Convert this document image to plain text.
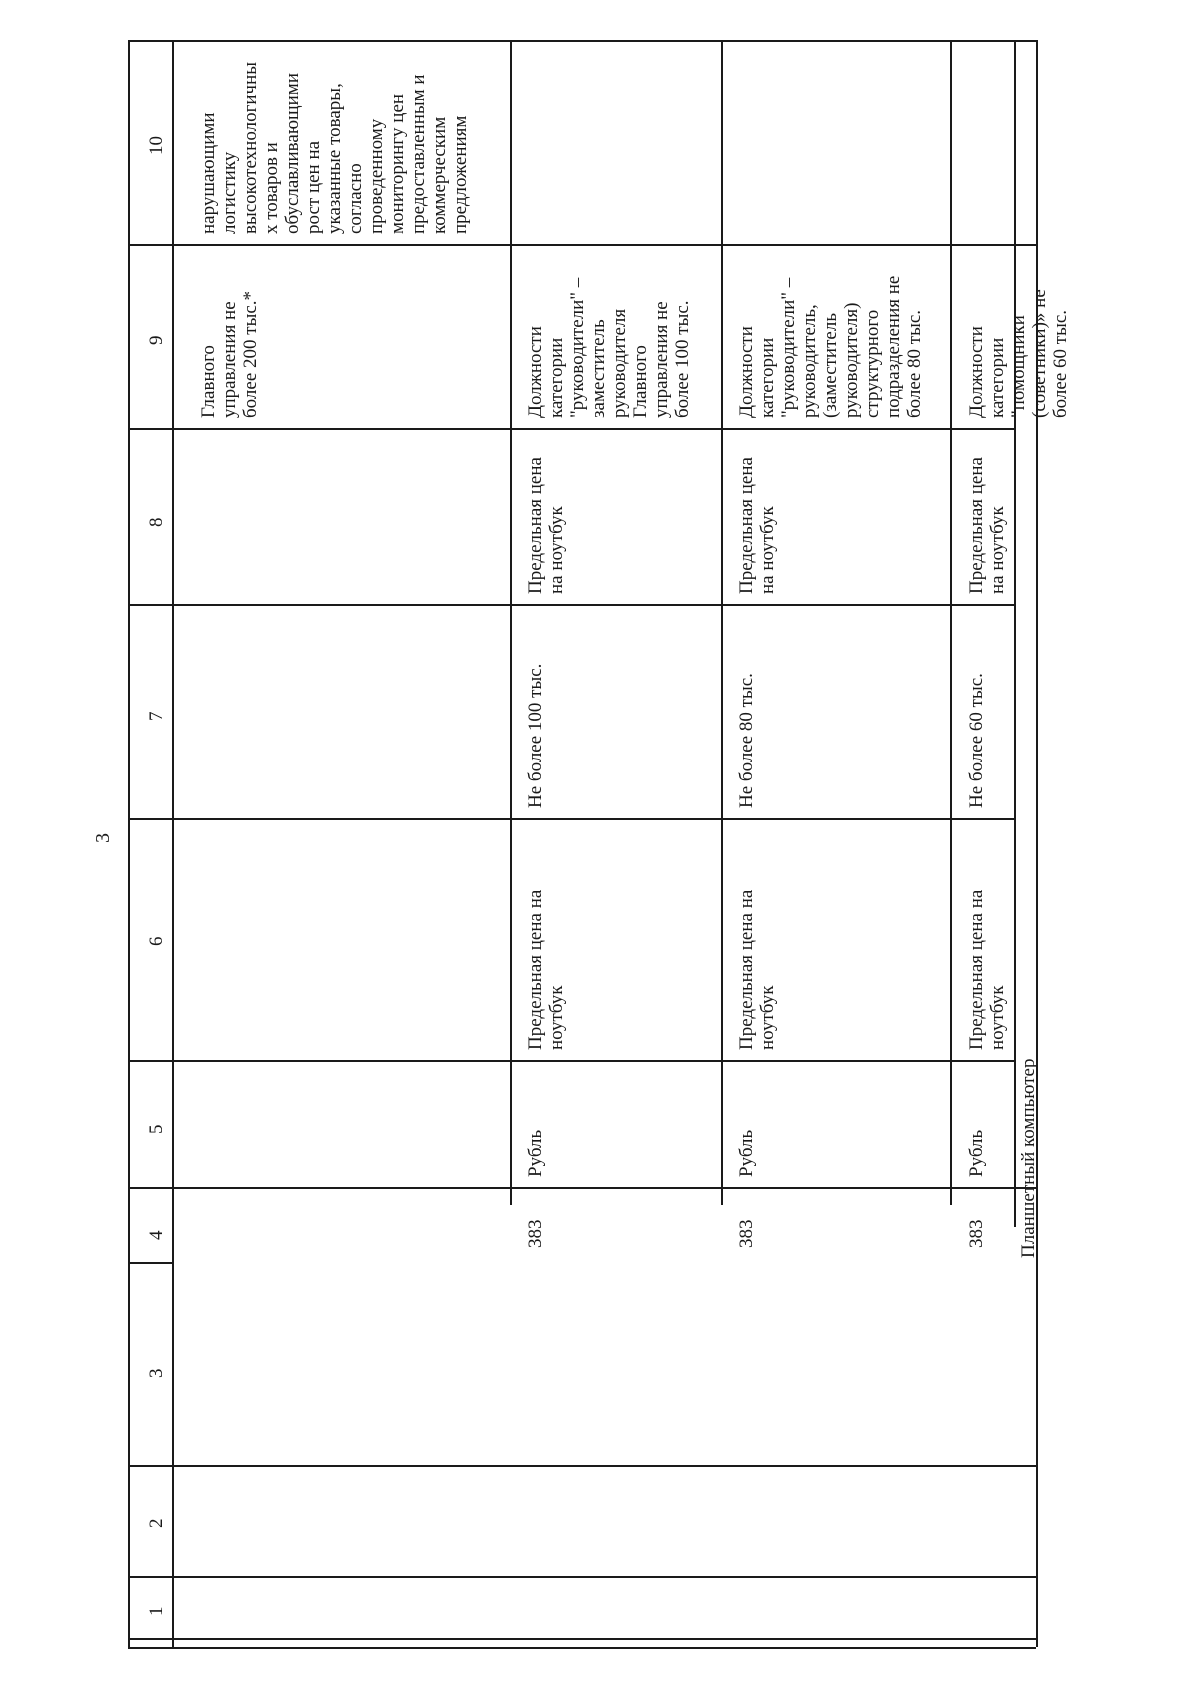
3
1
2
3
4
5
6
7
8
9
10
Главного управления не более 200 тыс.*
нарушающими логистику высокотехнологичны х товаров и обуславливающими рост цен на указанные товары, согласно проведенному мониторингу цен предоставленным и коммерческим предложениям
383
Рубль
Предельная цена на ноутбук
Не более 100 тыс.
Предельная цена на ноутбук
Должности категории "руководители" – заместитель руководителя Главного управления не более 100 тыс.
383
Рубль
Предельная цена на ноутбук
Не более 80 тыс.
Предельная цена на ноутбук
Должности категории "руководители" – руководитель, (заместитель руководителя) структурного подразделения не более 80 тыс.
383
Рубль
Предельная цена на ноутбук
Не более 60 тыс.
Предельная цена на ноутбук
Должности категории "помощники (советники)» не более 60 тыс.
Планшетный компьютер
